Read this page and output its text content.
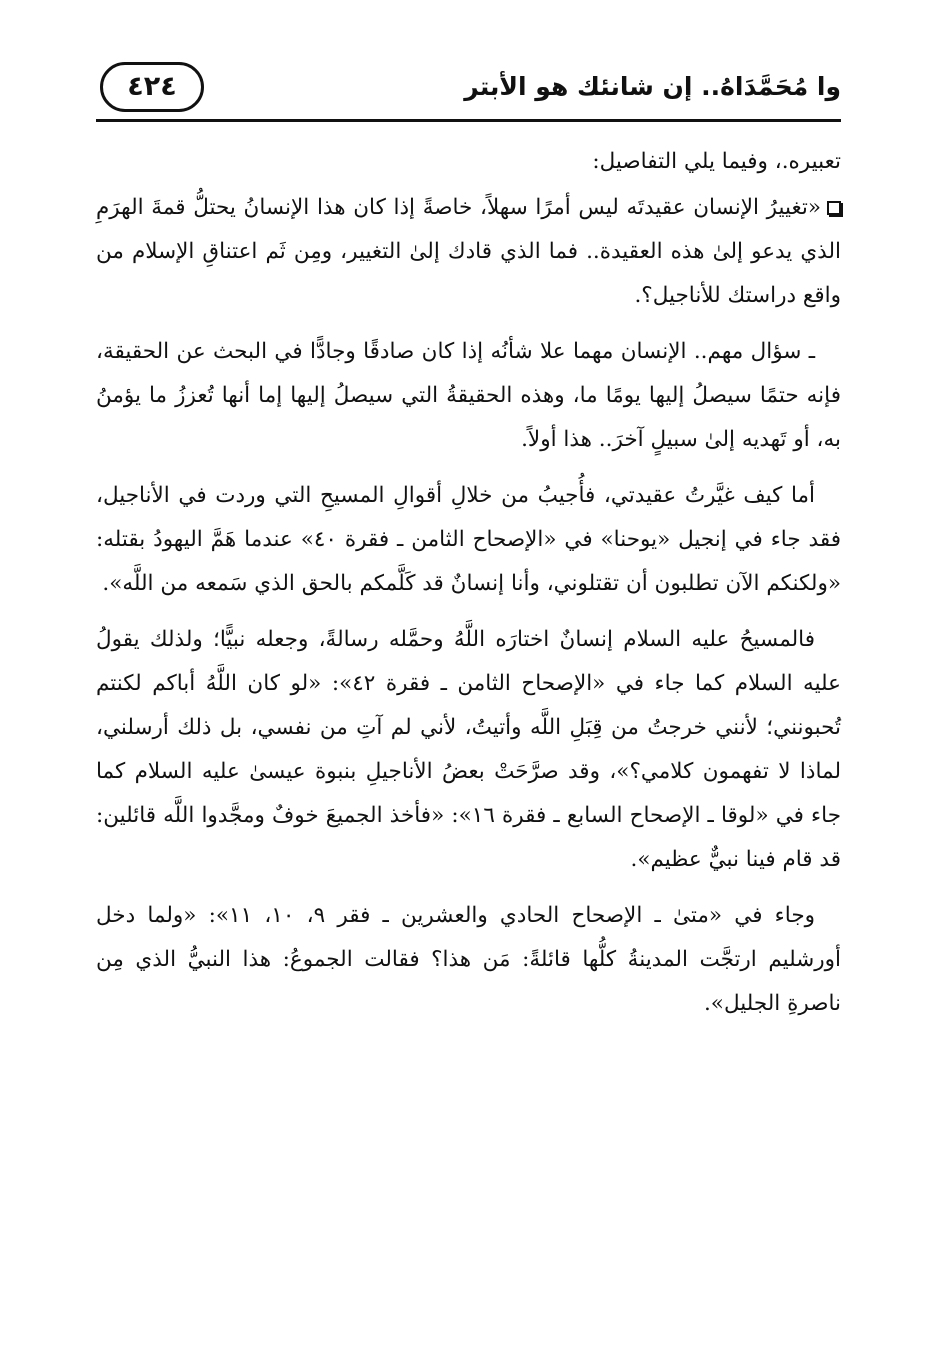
٤٢٤	وا مُحَمَّدَاهُ.. إن شانئك هو الأبتر

تعبيره.، وفيما يلي التفاصيل:

«تغييرُ الإنسان عقيدتَه ليس أمرًا سهلاً، خاصةً إذا كان هذا الإنسانُ يحتلُّ قمةَ الهرَمِ الذي يدعو إلىٰ هذه العقيدة.. فما الذي قادك إلىٰ التغيير، ومِن ثَم اعتناقِ الإسلام من واقع دراستك للأناجيل؟.

ـ سؤال مهم.. الإنسان مهما علا شأنُه إذا كان صادقًا وجادًّا في البحث عن الحقيقة، فإنه حتمًا سيصلُ إليها يومًا ما، وهذه الحقيقةُ التي سيصلُ إليها إما أنها تُعززُ ما يؤمنُ به، أو تَهديه إلىٰ سبيلٍ آخرَ.. هذا أولاً.

أما كيف غيَّرتُ عقيدتي، فأُجيبُ من خلالِ أقوالِ المسيحِ التي وردت في الأناجيل، فقد جاء في إنجيل «يوحنا» في «الإصحاح الثامن ـ فقرة ٤٠» عندما هَمَّ اليهودُ بقتله: «ولكنكم الآن تطلبون أن تقتلوني، وأنا إنسانٌ قد كَلَّمكم بالحق الذي سَمعه من اللَّه».

فالمسيحُ عليه السلام إنسانٌ اختارَه اللَّهُ وحمَّله رسالةً، وجعله نبيًّا؛ ولذلك يقولُ عليه السلام كما جاء في «الإصحاح الثامن ـ فقرة ٤٢»: «لو كان اللَّهُ أباكم لكنتم تُحبونني؛ لأنني خرجتُ من قِبَلِ اللَّه وأتيتُ، لأني لم آتِ من نفسي، بل ذلك أرسلني، لماذا لا تفهمون كلامي؟»، وقد صرَّحَتْ بعضُ الأناجيلِ بنبوة عيسىٰ عليه السلام كما جاء في «لوقا ـ الإصحاح السابع ـ فقرة ١٦»: «فأخذ الجميعَ خوفٌ ومجَّدوا اللَّه قائلين: قد قام فينا نبيٌّ عظيم».

وجاء في «متىٰ ـ الإصحاح الحادي والعشرين ـ فقر ٩، ١٠، ١١»: «ولما دخل أورشليم ارتجَّت المدينةُ كلُّها قائلةً: مَن هذا؟ فقالت الجموعُ: هذا النبيُّ الذي مِن ناصرةِ الجليل».
